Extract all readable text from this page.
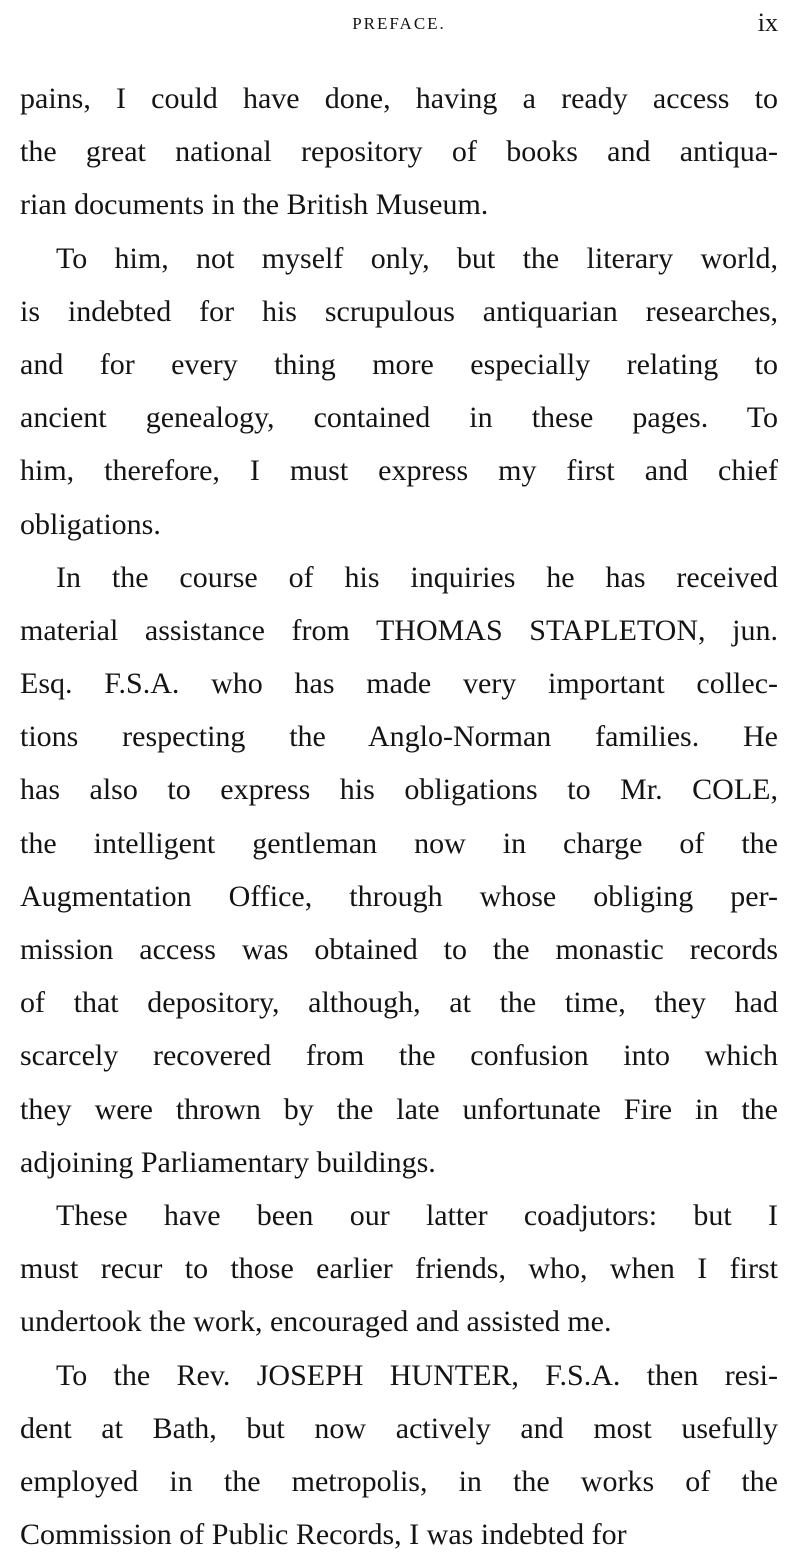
PREFACE.	ix
pains, I could have done, having a ready access to
the great national repository of books and antiqua-
rian documents in the British Museum.
To him, not myself only, but the literary world,
is indebted for his scrupulous antiquarian researches,
and for every thing more especially relating to
ancient genealogy, contained in these pages. To
him, therefore, I must express my first and chief
obligations.
In the course of his inquiries he has received
material assistance from THOMAS STAPLETON, jun.
Esq. F.S.A. who has made very important collec-
tions respecting the Anglo-Norman families. He
has also to express his obligations to Mr. COLE,
the intelligent gentleman now in charge of the
Augmentation Office, through whose obliging per-
mission access was obtained to the monastic records
of that depository, although, at the time, they had
scarcely recovered from the confusion into which
they were thrown by the late unfortunate Fire in the
adjoining Parliamentary buildings.
These have been our latter coadjutors: but I
must recur to those earlier friends, who, when I first
undertook the work, encouraged and assisted me.
To the Rev. JOSEPH HUNTER, F.S.A. then resi-
dent at Bath, but now actively and most usefully
employed in the metropolis, in the works of the
Commission of Public Records, I was indebted for
